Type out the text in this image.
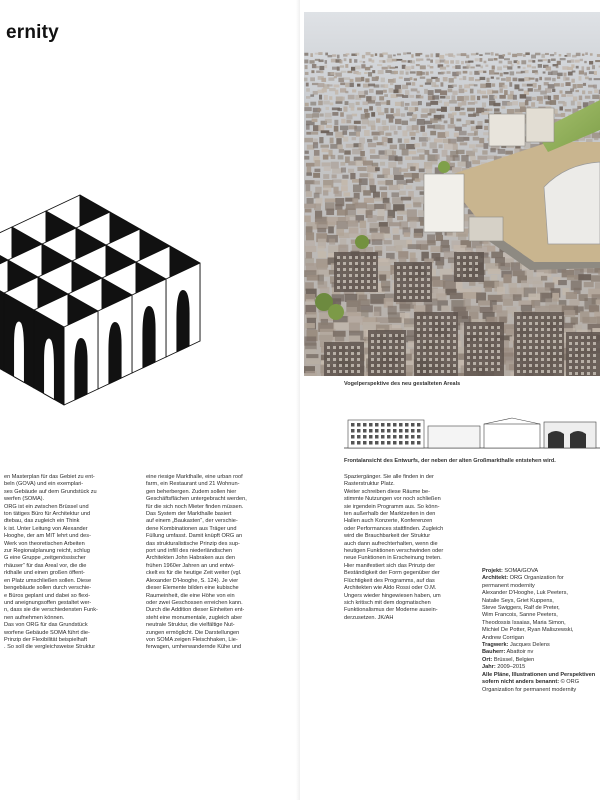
ernity

en Masterplan für das Gebiet zu ent-

beln (GOVA) und ein exemplari-

ses Gebäude auf dem Grundstück zu

werfen (SOMA).

ORG ist ein zwischen Brüssel und

ton tätiges Büro für Architektur und

dtebau, das zugleich ein Think

k ist. Unter Leitung von Alexander

Hooghe, der am MIT lehrt und des-

Werk von theoretischen Arbeiten

zur Regionalplanung reicht, schlug

G eine Gruppe „zeitgenössischer

rhäuser“ für das Areal vor, die die

rkthalle und einen großen öffent-

en Platz umschließen sollen. Diese

bengebäude sollen durch verschie-

e Büros geplant und dabei so flexi-

und aneignungsoffen gestaltet wer-

n, dass sie die verschiedensten Funk-

nen aufnehmen können.

Das von ORG für das Grundstück

worfene Gebäude SOMA führt die-

Prinzip der Flexibilität beispielhaft

. So soll die vergleichsweise Struktur

eine riesige Markthalle, eine urban roof

farm, ein Restaurant und 21 Wohnun-

gen beherbergen. Zudem sollen hier

Geschäftsflächen untergebracht werden,

für die sich noch Mieter finden müssen.

Das System der Markthalle basiert

auf einem „Baukasten“, der verschie-

dene Kombinationen aus Träger und

Füllung umfasst. Damit knüpft ORG an

das strukturalistische Prinzip des sup-

port und infill des niederländischen

Architekten John Habraken aus den

frühen 1960er Jahren an und entwi-

ckelt es für die heutige Zeit weiter (vgl.

Alexander D'Hooghe, S. 124). Je vier

dieser Elemente bilden eine kubische

Raumeinheit, die eine Höhe von ein

oder zwei Geschossen erreichen kann.

Durch die Addition dieser Einheiten ent-

steht eine monumentale, zugleich aber

neutrale Struktur, die vielfältige Nut-

zungen ermöglicht. Die Darstellungen

von SOMA zeigen Fleischhaken, Lie-

ferwagen, umherwandernde Kühe und

Vogelperspektive des neu gestalteten Areals
Frontalansicht des Entwurfs, der neben der alten Großmarkthalle entstehen wird.

Spaziergänger. Sie alle finden in der

Rasterstruktur Platz.

Weiter schreiben diese Räume be-

stimmte Nutzungen vor noch schließen

sie irgendein Programm aus. So könn-

ten außerhalb der Marktzeiten in den

Hallen auch Konzerte, Konferenzen

oder Performances stattfinden. Zugleich

wird die Brauchbarkeit der Struktur

auch dann aufrechterhalten, wenn die

heutigen Funktionen verschwinden oder

neue Funktionen in Erscheinung treten.

Hier manifestiert sich das Prinzip der

Beständigkeit der Form gegenüber der

Flüchtigkeit des Programms, auf das

Architekten wie Aldo Rossi oder O.M.

Ungers wieder hingewiesen haben, um

sich kritisch mit dem dogmatischen

Funktionalismus der Moderne ausein-

derzusetzen. JK/AH

Projekt: SOMA/GOVA
Architekt: ORG Organization for
permanent modernity
Alexander D'Hooghe, Luk Peeters,
Natalie Seys, Griet Kuppens,
Steve Swiggers, Ralf de Preter,
Wim Francois, Sanne Peeters,
Theodossis Issaias, Maria Simon,
Michiel De Potter, Ryan Maliszewski,
Andrew Corrigan
Tragwerk: Jacques Delens
Bauherr: Abattoir nv
Ort: Brüssel, Belgien
Jahr: 2009–2015
Alle Pläne, Illustrationen und Perspektiven
sofern nicht anders benannt: © ORG
Organization for permanent modernity
